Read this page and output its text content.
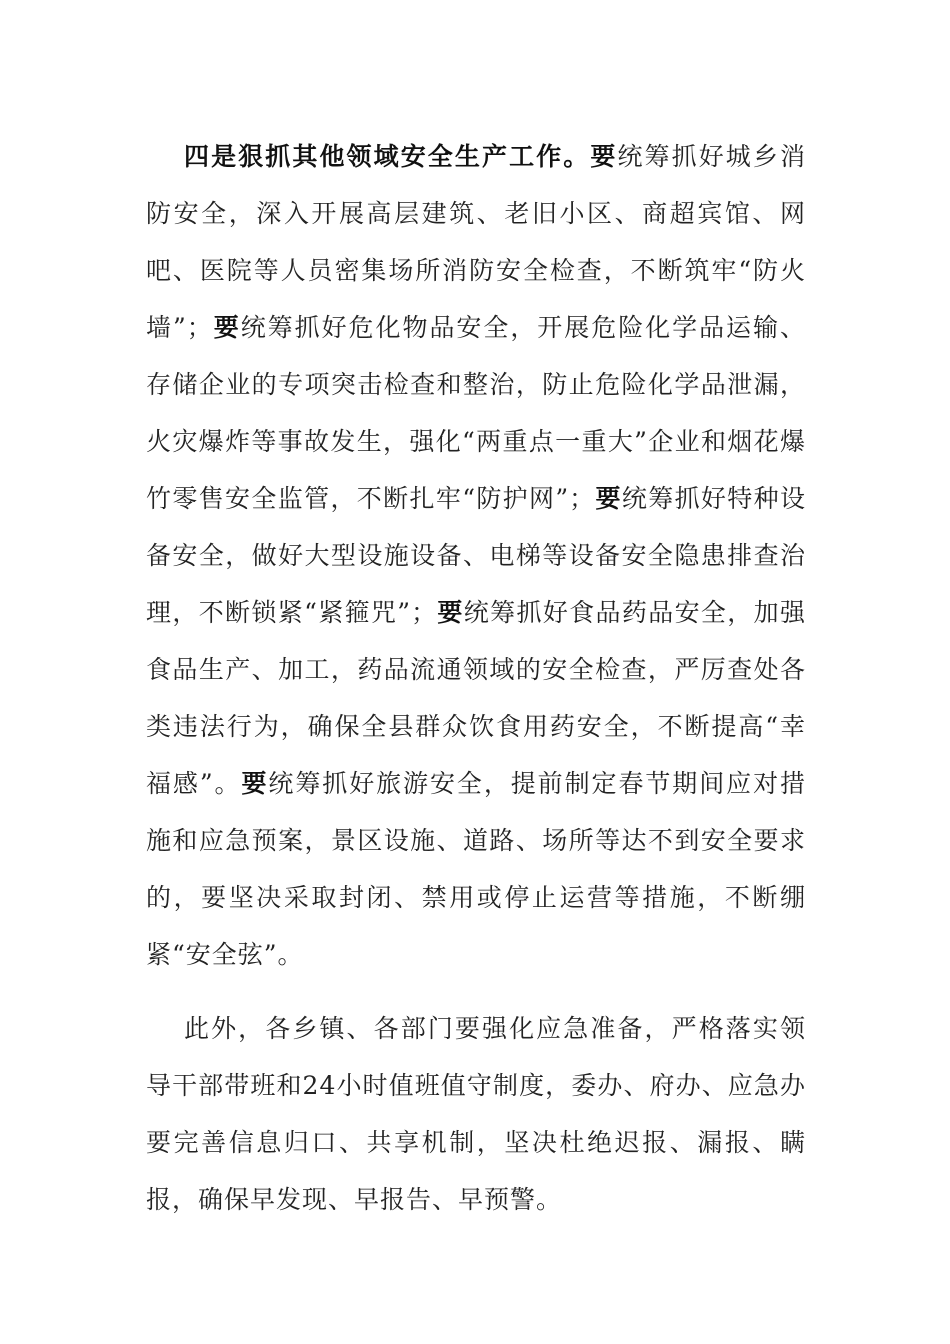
四是狠抓其他领域安全生产工作。要统筹抓好城乡消防安全，深入开展高层建筑、老旧小区、商超宾馆、网吧、医院等人员密集场所消防安全检查，不断筑牢“防火墙”；要统筹抓好危化物品安全，开展危险化学品运输、存储企业的专项突击检查和整治，防止危险化学品泄漏，火灾爆炸等事故发生，强化“两重点一重大”企业和烟花爆竹零售安全监管，不断扎牢“防护网”；要统筹抓好特种设备安全，做好大型设施设备、电梯等设备安全隐患排查治理，不断锁紧“紧箍咒”；要统筹抓好食品药品安全，加强食品生产、加工，药品流通领域的安全检查，严厉查处各类违法行为，确保全县群众饮食用药安全，不断提高“幸福感”。要统筹抓好旅游安全，提前制定春节期间应对措施和应急预案，景区设施、道路、场所等达不到安全要求的，要坚决采取封闭、禁用或停止运营等措施，不断绷紧“安全弦”。

此外，各乡镇、各部门要强化应急准备，严格落实领导干部带班和24小时值班值守制度，委办、府办、应急办要完善信息归口、共享机制，坚决杜绝迟报、漏报、瞒报，确保早发现、早报告、早预警。
